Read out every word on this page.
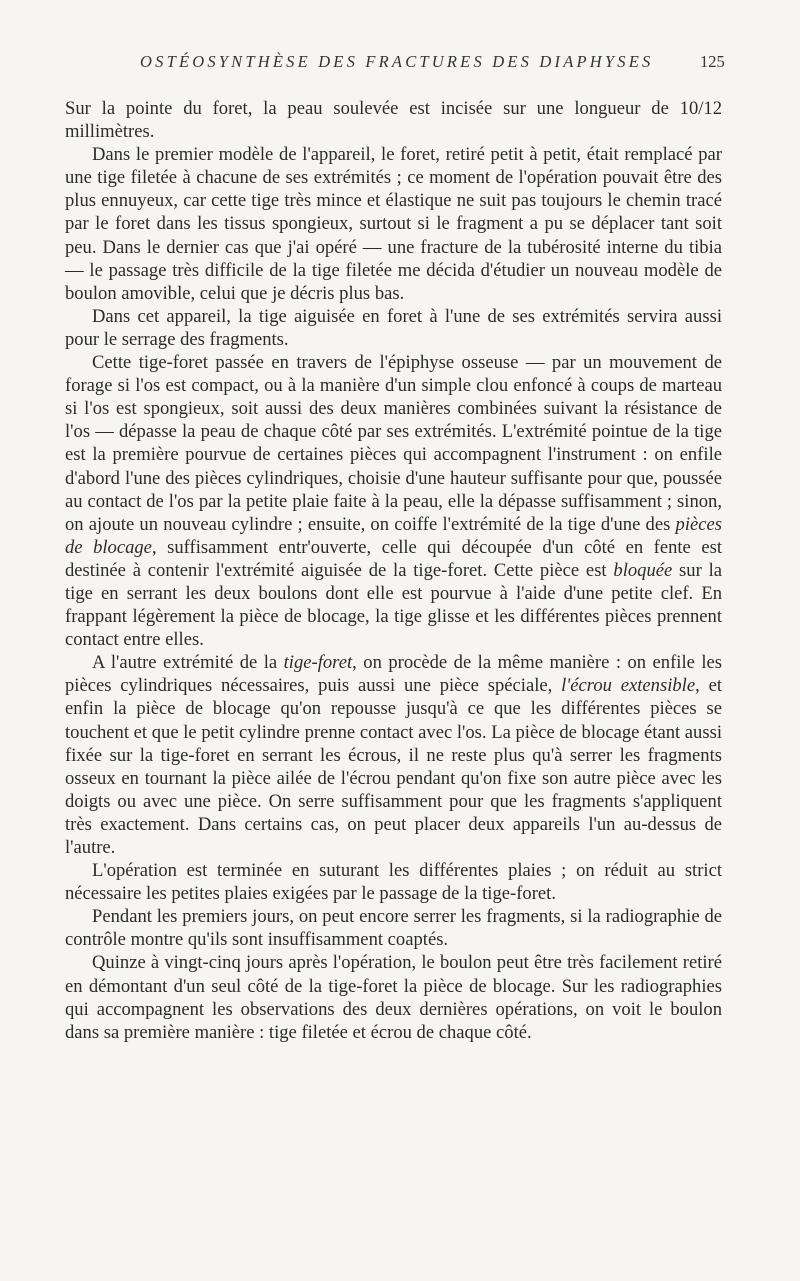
OSTÉOSYNTHÈSE DES FRACTURES DES DIAPHYSES	125

Sur la pointe du foret, la peau soulevée est incisée sur une longueur de 10/12 millimètres.

Dans le premier modèle de l'appareil, le foret, retiré petit à petit, était remplacé par une tige filetée à chacune de ses extrémités ; ce moment de l'opération pouvait être des plus ennuyeux, car cette tige très mince et élastique ne suit pas toujours le chemin tracé par le foret dans les tissus spongieux, surtout si le fragment a pu se déplacer tant soit peu. Dans le dernier cas que j'ai opéré — une fracture de la tubérosité interne du tibia — le passage très difficile de la tige filetée me décida d'étudier un nouveau modèle de boulon amovible, celui que je décris plus bas.

Dans cet appareil, la tige aiguisée en foret à l'une de ses extrémités servira aussi pour le serrage des fragments.

Cette tige-foret passée en travers de l'épiphyse osseuse — par un mouvement de forage si l'os est compact, ou à la manière d'un simple clou enfoncé à coups de marteau si l'os est spongieux, soit aussi des deux manières combinées suivant la résistance de l'os — dépasse la peau de chaque côté par ses extrémités. L'extrémité pointue de la tige est la première pourvue de certaines pièces qui accompagnent l'instrument : on enfile d'abord l'une des pièces cylindriques, choisie d'une hauteur suffisante pour que, poussée au contact de l'os par la petite plaie faite à la peau, elle la dépasse suffisamment ; sinon, on ajoute un nouveau cylindre ; ensuite, on coiffe l'extrémité de la tige d'une des pièces de blocage, suffisamment entr'ouverte, celle qui découpée d'un côté en fente est destinée à contenir l'extrémité aiguisée de la tige-foret. Cette pièce est bloquée sur la tige en serrant les deux boulons dont elle est pourvue à l'aide d'une petite clef. En frappant légèrement la pièce de blocage, la tige glisse et les différentes pièces prennent contact entre elles.

A l'autre extrémité de la tige-foret, on procède de la même manière : on enfile les pièces cylindriques nécessaires, puis aussi une pièce spéciale, l'écrou extensible, et enfin la pièce de blocage qu'on repousse jusqu'à ce que les différentes pièces se touchent et que le petit cylindre prenne contact avec l'os. La pièce de blocage étant aussi fixée sur la tige-foret en serrant les écrous, il ne reste plus qu'à serrer les fragments osseux en tournant la pièce ailée de l'écrou pendant qu'on fixe son autre pièce avec les doigts ou avec une pièce. On serre suffisamment pour que les fragments s'appliquent très exactement. Dans certains cas, on peut placer deux appareils l'un au-dessus de l'autre.

L'opération est terminée en suturant les différentes plaies ; on réduit au strict nécessaire les petites plaies exigées par le passage de la tige-foret.

Pendant les premiers jours, on peut encore serrer les fragments, si la radiographie de contrôle montre qu'ils sont insuffisamment coaptés.

Quinze à vingt-cinq jours après l'opération, le boulon peut être très facilement retiré en démontant d'un seul côté de la tige-foret la pièce de blocage. Sur les radiographies qui accompagnent les observations des deux dernières opérations, on voit le boulon dans sa première manière : tige filetée et écrou de chaque côté.
